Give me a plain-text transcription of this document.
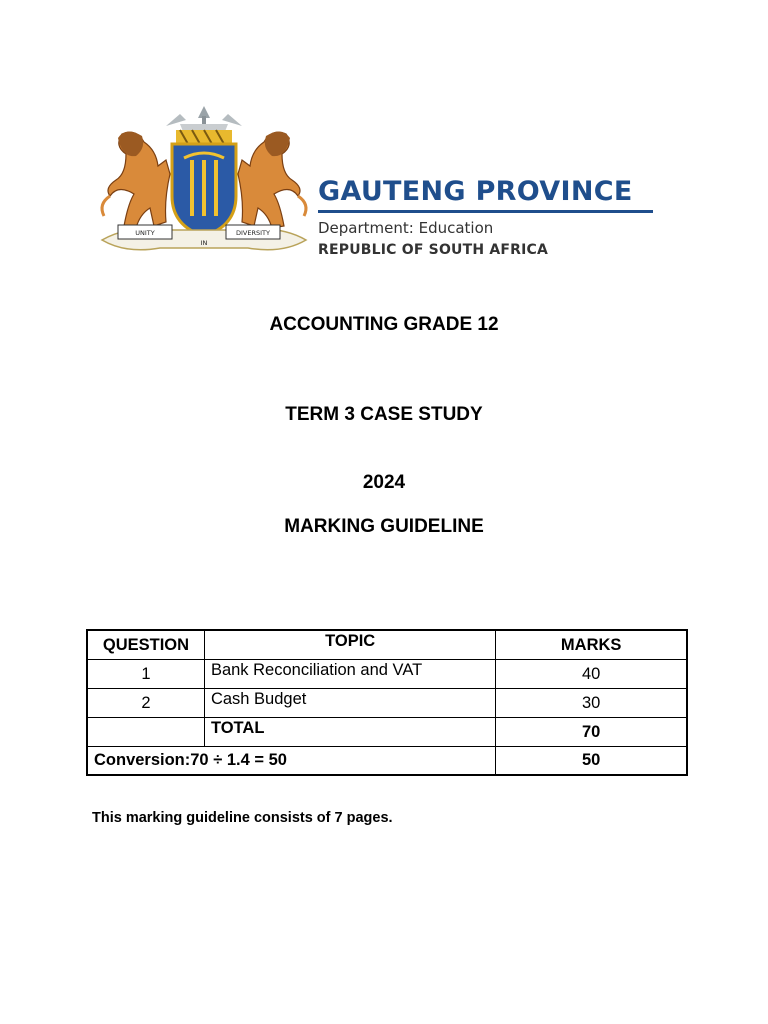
UNITY
IN
DIVERSITY
GAUTENG PROVINCE
Department: Education
REPUBLIC OF SOUTH AFRICA
ACCOUNTING GRADE 12
TERM 3 CASE STUDY
2024
MARKING GUIDELINE
QUESTION	TOPIC	MARKS
1	Bank Reconciliation and VAT	40
2	Cash Budget	30
	TOTAL	70
Conversion:70 ÷ 1.4 = 50		50
This marking guideline consists of 7 pages.
